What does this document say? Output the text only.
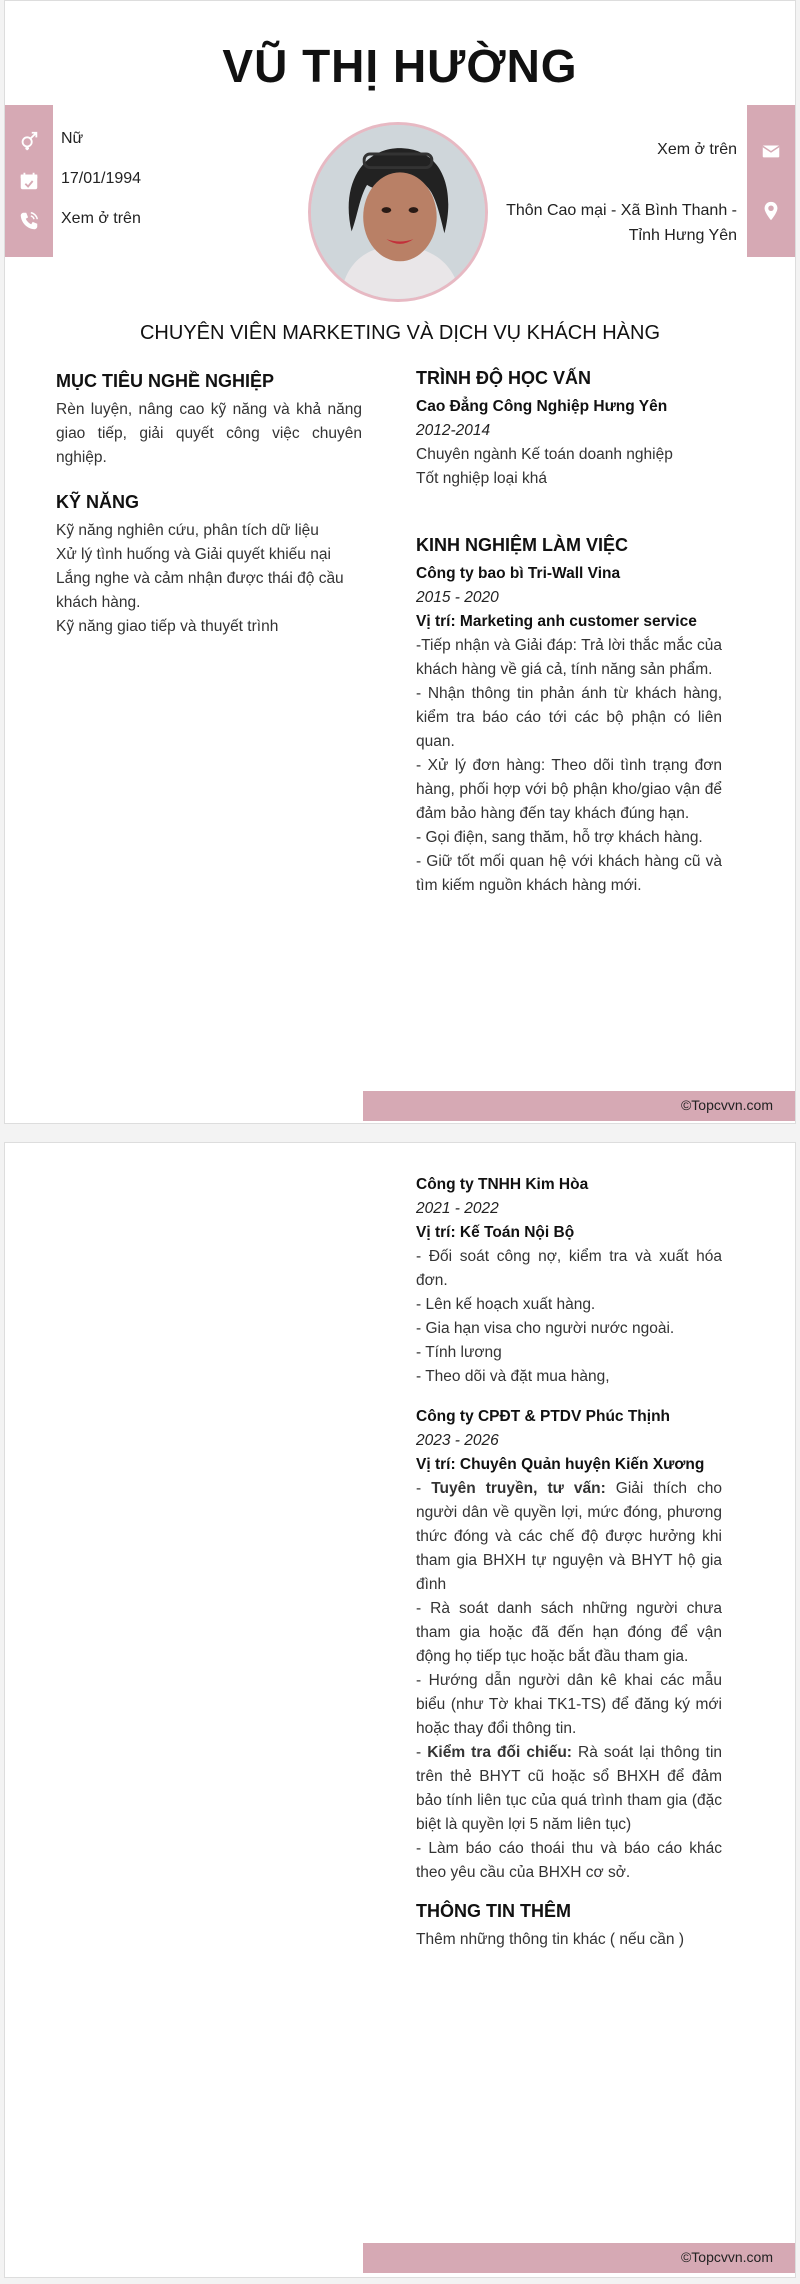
VŨ THỊ HƯỜNG
Nữ
17/01/1994
Xem ở trên
Xem ở trên
Thôn Cao mại - Xã Bình Thanh -
Tỉnh Hưng Yên
CHUYÊN VIÊN MARKETING VÀ DỊCH VỤ KHÁCH HÀNG
MỤC TIÊU NGHỀ NGHIỆP

Rèn luyện, nâng cao kỹ năng và khả năng giao tiếp, giải quyết công việc chuyên nghiệp.

KỸ NĂNG

Kỹ năng nghiên cứu, phân tích dữ liệu

Xử lý tình huống và Giải quyết khiếu nại

Lắng nghe và cảm nhận được thái độ cầu khách hàng.

Kỹ năng giao tiếp và thuyết trình

TRÌNH ĐỘ HỌC VẤN

Cao Đẳng Công Nghiệp Hưng Yên

2012-2014

Chuyên ngành Kế toán doanh nghiệp

Tốt nghiệp loại khá

KINH NGHIỆM LÀM VIỆC

Công ty bao bì Tri-Wall Vina

2015 - 2020

Vị trí: Marketing anh customer service

-Tiếp nhận và Giải đáp: Trả lời thắc mắc của khách hàng về giá cả, tính năng sản phẩm.

- Nhận thông tin phản ánh từ khách hàng, kiểm tra báo cáo tới các bộ phận có liên quan.

- Xử lý đơn hàng: Theo dõi tình trạng đơn hàng, phối hợp với bộ phận kho/giao vận để đảm bảo hàng đến tay khách đúng hạn.

- Gọi điện, sang thăm, hỗ trợ khách hàng.

- Giữ tốt mối quan hệ với khách hàng cũ và tìm kiếm nguồn khách hàng mới.

©Topcvvn.com

Công ty TNHH Kim Hòa

2021 - 2022

Vị trí: Kế Toán Nội Bộ

- Đối soát công nợ, kiểm tra và xuất hóa đơn.

- Lên kế hoạch xuất hàng.

- Gia hạn visa cho người nước ngoài.

- Tính lương

- Theo dõi và đặt mua hàng,

Công ty CPĐT & PTDV Phúc Thịnh

2023 - 2026

Vị trí: Chuyên Quản huyện Kiến Xương

- Tuyên truyền, tư vấn: Giải thích cho người dân về quyền lợi, mức đóng, phương thức đóng và các chế độ được hưởng khi tham gia BHXH tự nguyện và BHYT hộ gia đình

- Rà soát danh sách những người chưa tham gia hoặc đã đến hạn đóng để vận động họ tiếp tục hoặc bắt đầu tham gia.

- Hướng dẫn người dân kê khai các mẫu biểu (như Tờ khai TK1-TS) để đăng ký mới hoặc thay đổi thông tin.

- Kiểm tra đối chiếu: Rà soát lại thông tin trên thẻ BHYT cũ hoặc sổ BHXH để đảm bảo tính liên tục của quá trình tham gia (đặc biệt là quyền lợi 5 năm liên tục)

- Làm báo cáo thoái thu và báo cáo khác theo yêu cầu của BHXH cơ sở.

THÔNG TIN THÊM

Thêm những thông tin khác ( nếu cần )

©Topcvvn.com
